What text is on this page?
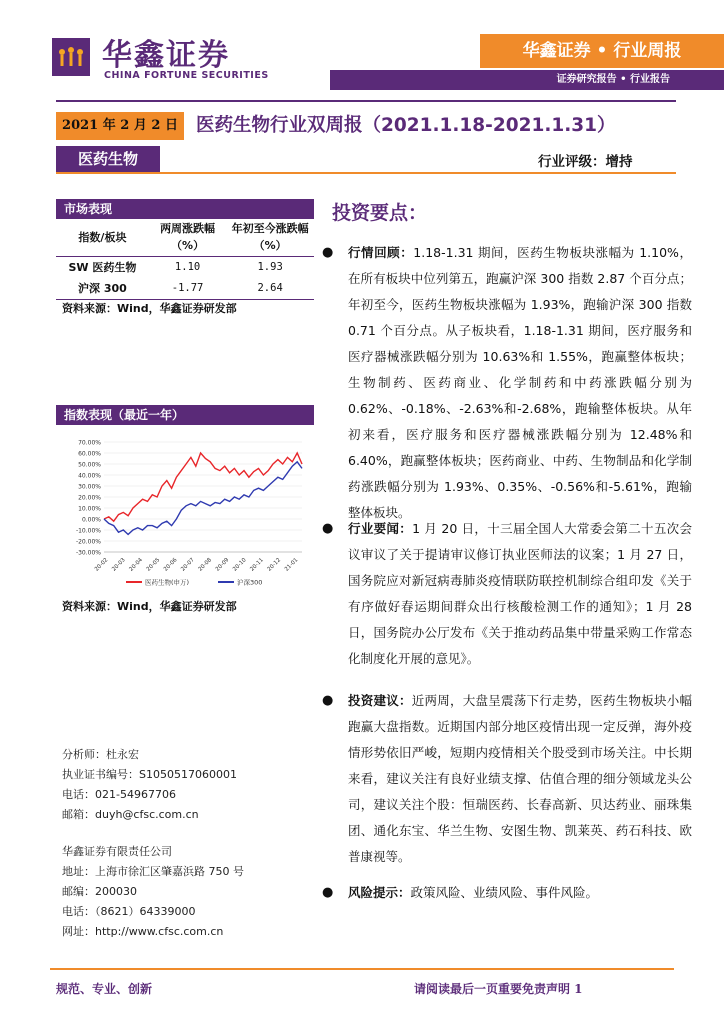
华鑫证券
CHINA FORTUNE SECURITIES
华鑫证券 • 行业周报
证券研究报告 • 行业报告
2021 年 2 月 2 日 医药生物行业双周报（2021.1.18-2021.1.31）
医药生物	行业评级：增持
市场表现
指数/板块	两周涨跌幅（%）	年初至今涨跌幅（%）
SW 医药生物	1.10	1.93
沪深 300	-1.77	2.64
资料来源：Wind，华鑫证券研发部
指数表现（最近一年）
70.00%
60.00%
50.00%
40.00%
30.00%
20.00%
10.00%
0.00%
-10.00%
-20.00%
-30.00%
20-02 20-03 20-04 20-05 20-06 20-07 20-08 20-09 20-10 20-11 20-12 21-01
医药生物(申万)	沪深300
资料来源：Wind，华鑫证券研发部
分析师：杜永宏
执业证书编号：S1050517060001
电话：021-54967706
邮箱：duyh@cfsc.com.cn
华鑫证券有限责任公司
地址：上海市徐汇区肇嘉浜路 750 号
邮编：200030
电话：（8621）64339000
网址：http://www.cfsc.com.cn
投资要点：
●	行情回顾：1.18-1.31 期间，医药生物板块涨幅为 1.10%，在所有板块中位列第五，跑赢沪深 300 指数 2.87 个百分点；年初至今，医药生物板块涨幅为 1.93%，跑输沪深 300 指数 0.71 个百分点。从子板块看，1.18-1.31 期间，医疗服务和医疗器械涨跌幅分别为 10.63%和 1.55%，跑赢整体板块；生物制药、医药商业、化学制药和中药涨跌幅分别为 0.62%、-0.18%、-2.63%和-2.68%，跑输整体板块。从年初来看，医疗服务和医疗器械涨跌幅分别为 12.48%和 6.40%，跑赢整体板块；医药商业、中药、生物制品和化学制药涨跌幅分别为 1.93%、0.35%、-0.56%和-5.61%，跑输整体板块。
●	行业要闻：1 月 20 日，十三届全国人大常委会第二十五次会议审议了关于提请审议修订执业医师法的议案；1 月 27 日，国务院应对新冠病毒肺炎疫情联防联控机制综合组印发《关于有序做好春运期间群众出行核酸检测工作的通知》；1 月 28 日，国务院办公厅发布《关于推动药品集中带量采购工作常态化制度化开展的意见》。
●	投资建议：近两周，大盘呈震荡下行走势，医药生物板块小幅跑赢大盘指数。近期国内部分地区疫情出现一定反弹，海外疫情形势依旧严峻，短期内疫情相关个股受到市场关注。中长期来看，建议关注有良好业绩支撑、估值合理的细分领域龙头公司，建议关注个股：恒瑞医药、长春高新、贝达药业、丽珠集团、通化东宝、华兰生物、安图生物、凯莱英、药石科技、欧普康视等。
●	风险提示：政策风险、业绩风险、事件风险。
规范、专业、创新	请阅读最后一页重要免责声明 1
